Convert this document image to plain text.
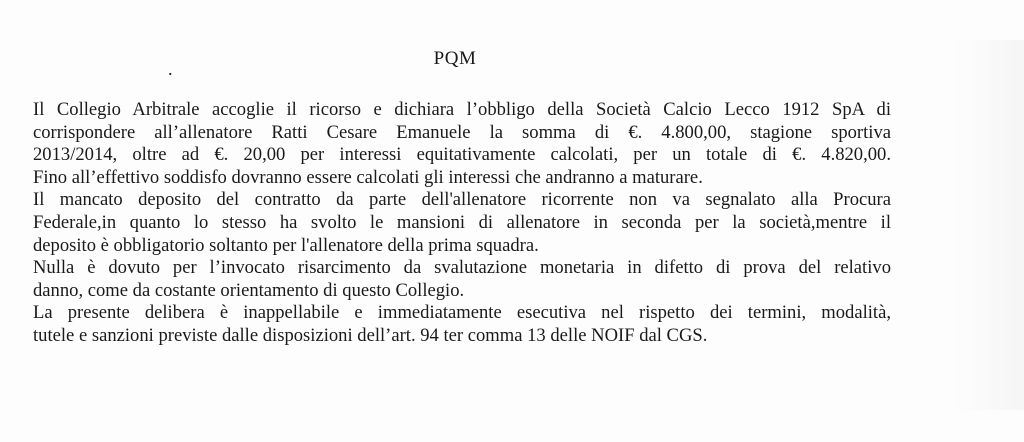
.	PQM
Il Collegio Arbitrale accoglie il ricorso e dichiara l’obbligo della Società Calcio Lecco 1912 SpA di
corrispondere all’allenatore Ratti Cesare Emanuele la somma di €. 4.800,00, stagione sportiva
2013/2014, oltre ad €. 20,00 per interessi equitativamente calcolati, per un totale di €. 4.820,00.
Fino all’effettivo soddisfo dovranno essere calcolati gli interessi che andranno a maturare.
Il mancato deposito del contratto da parte dell'allenatore ricorrente non va segnalato alla Procura
Federale,in quanto lo stesso ha svolto le mansioni di allenatore in seconda per la società,mentre il
deposito è obbligatorio soltanto per l'allenatore della prima squadra.
Nulla è dovuto per l’invocato risarcimento da svalutazione monetaria in difetto di prova del relativo
danno, come da costante orientamento di questo Collegio.
La presente delibera è inappellabile e immediatamente esecutiva nel rispetto dei termini, modalità,
tutele e sanzioni previste dalle disposizioni dell’art. 94 ter comma 13 delle NOIF dal CGS.
